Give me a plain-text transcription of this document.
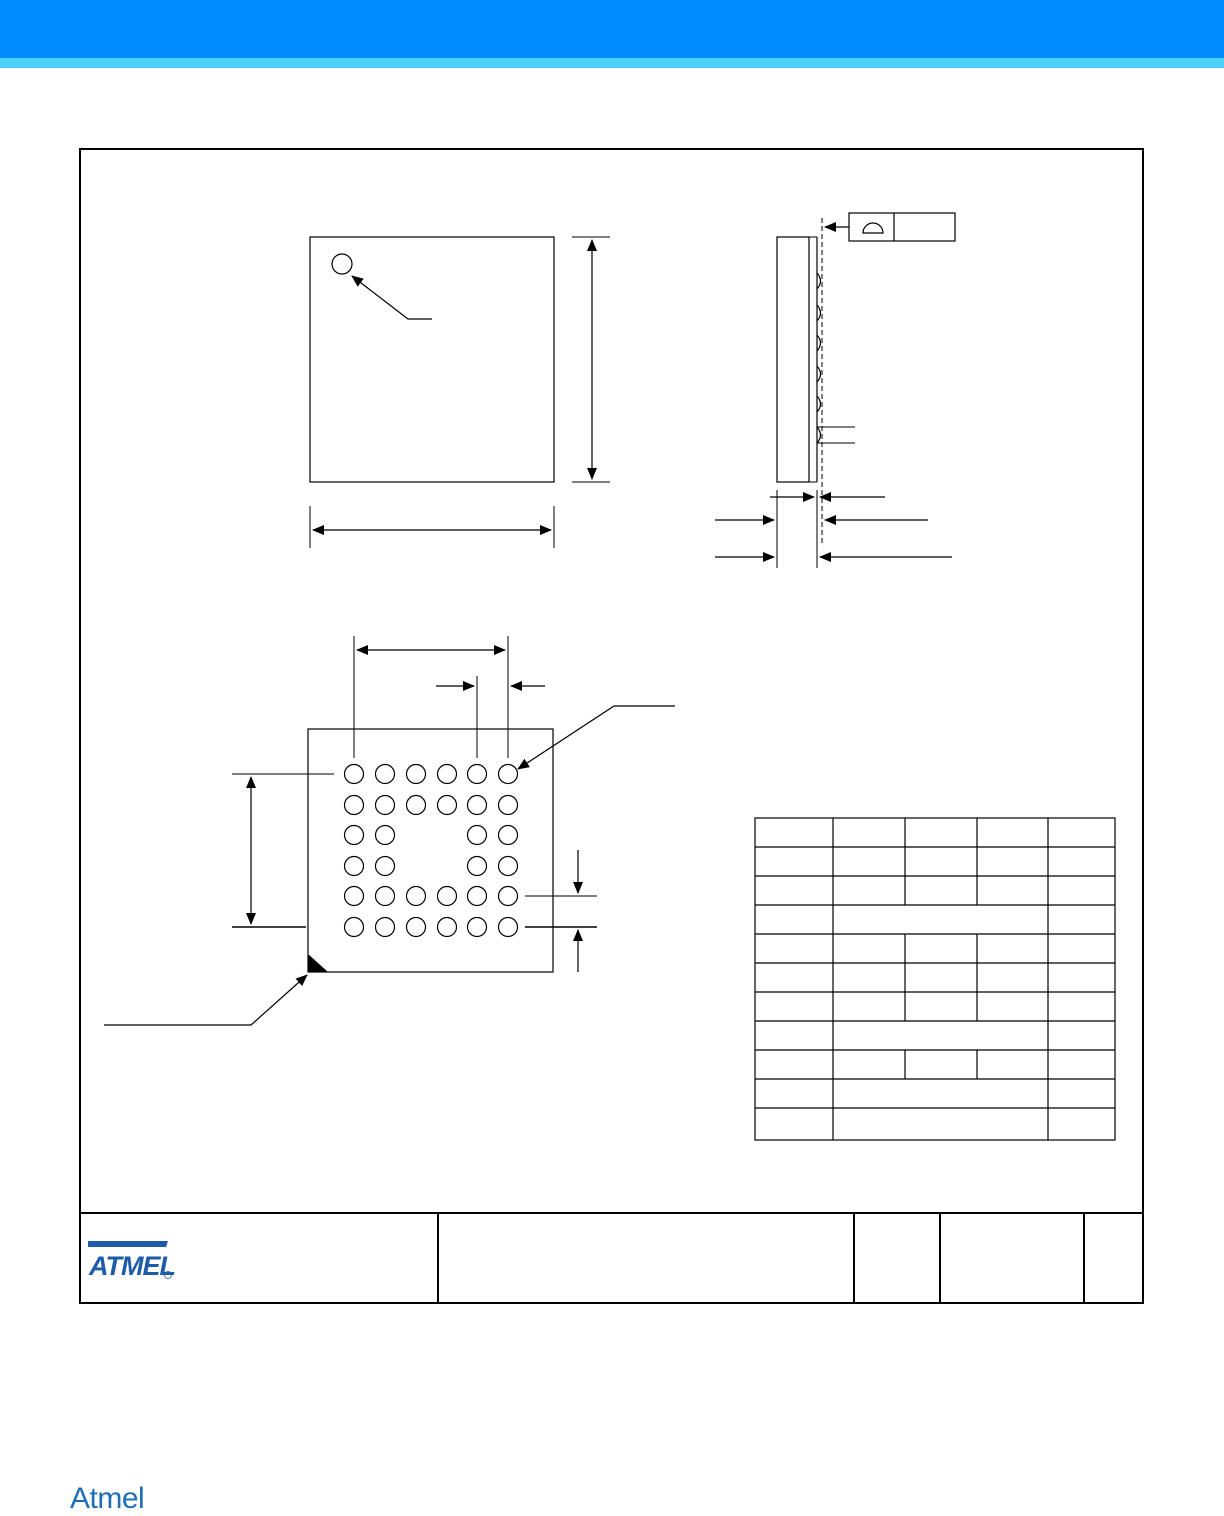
ATMEL
Atmel
